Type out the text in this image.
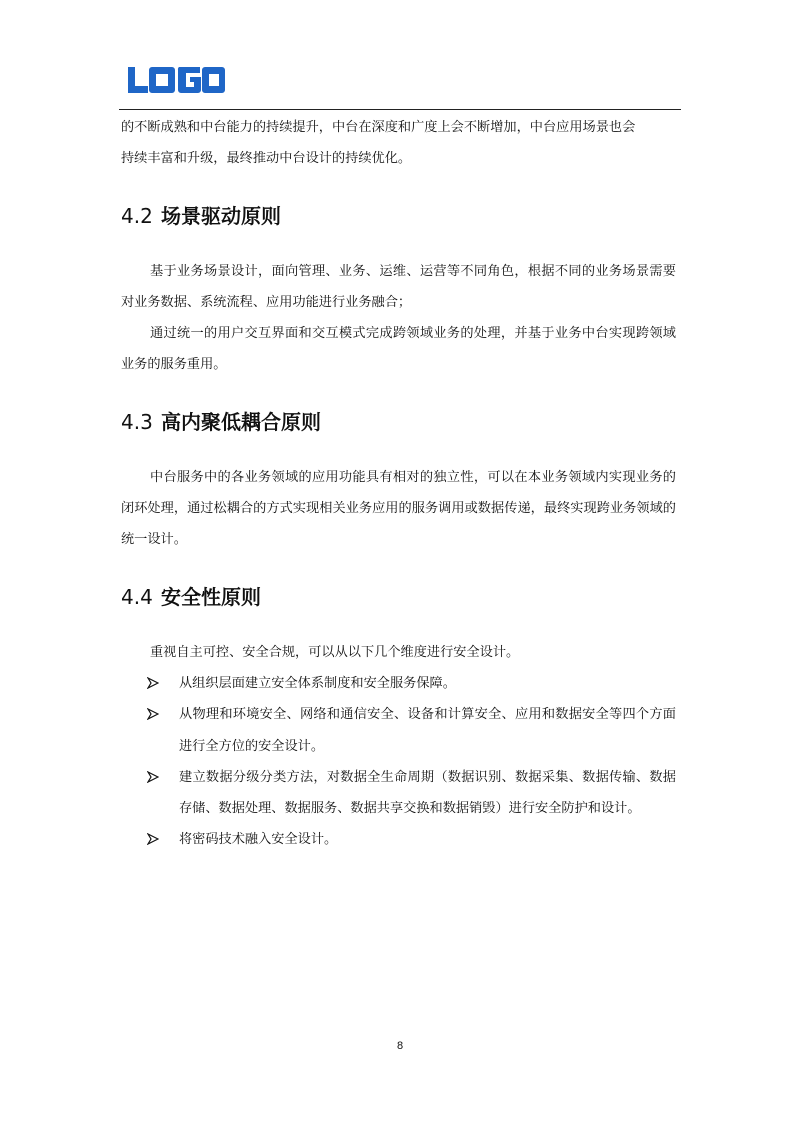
的不断成熟和中台能力的持续提升，中台在深度和广度上会不断增加，中台应用场景也会

持续丰富和升级，最终推动中台设计的持续优化。

4.2 场景驱动原则

基于业务场景设计，面向管理、业务、运维、运营等不同角色，根据不同的业务场景需要对业务数据、系统流程、应用功能进行业务融合；

通过统一的用户交互界面和交互模式完成跨领域业务的处理，并基于业务中台实现跨领域业务的服务重用。

4.3 高内聚低耦合原则

中台服务中的各业务领域的应用功能具有相对的独立性，可以在本业务领域内实现业务的闭环处理，通过松耦合的方式实现相关业务应用的服务调用或数据传递，最终实现跨业务领域的统一设计。

4.4 安全性原则

重视自主可控、安全合规，可以从以下几个维度进行安全设计。

从组织层面建立安全体系制度和安全服务保障。

从物理和环境安全、网络和通信安全、设备和计算安全、应用和数据安全等四个方面进行全方位的安全设计。

建立数据分级分类方法，对数据全生命周期（数据识别、数据采集、数据传输、数据存储、数据处理、数据服务、数据共享交换和数据销毁）进行安全防护和设计。

将密码技术融入安全设计。

8
